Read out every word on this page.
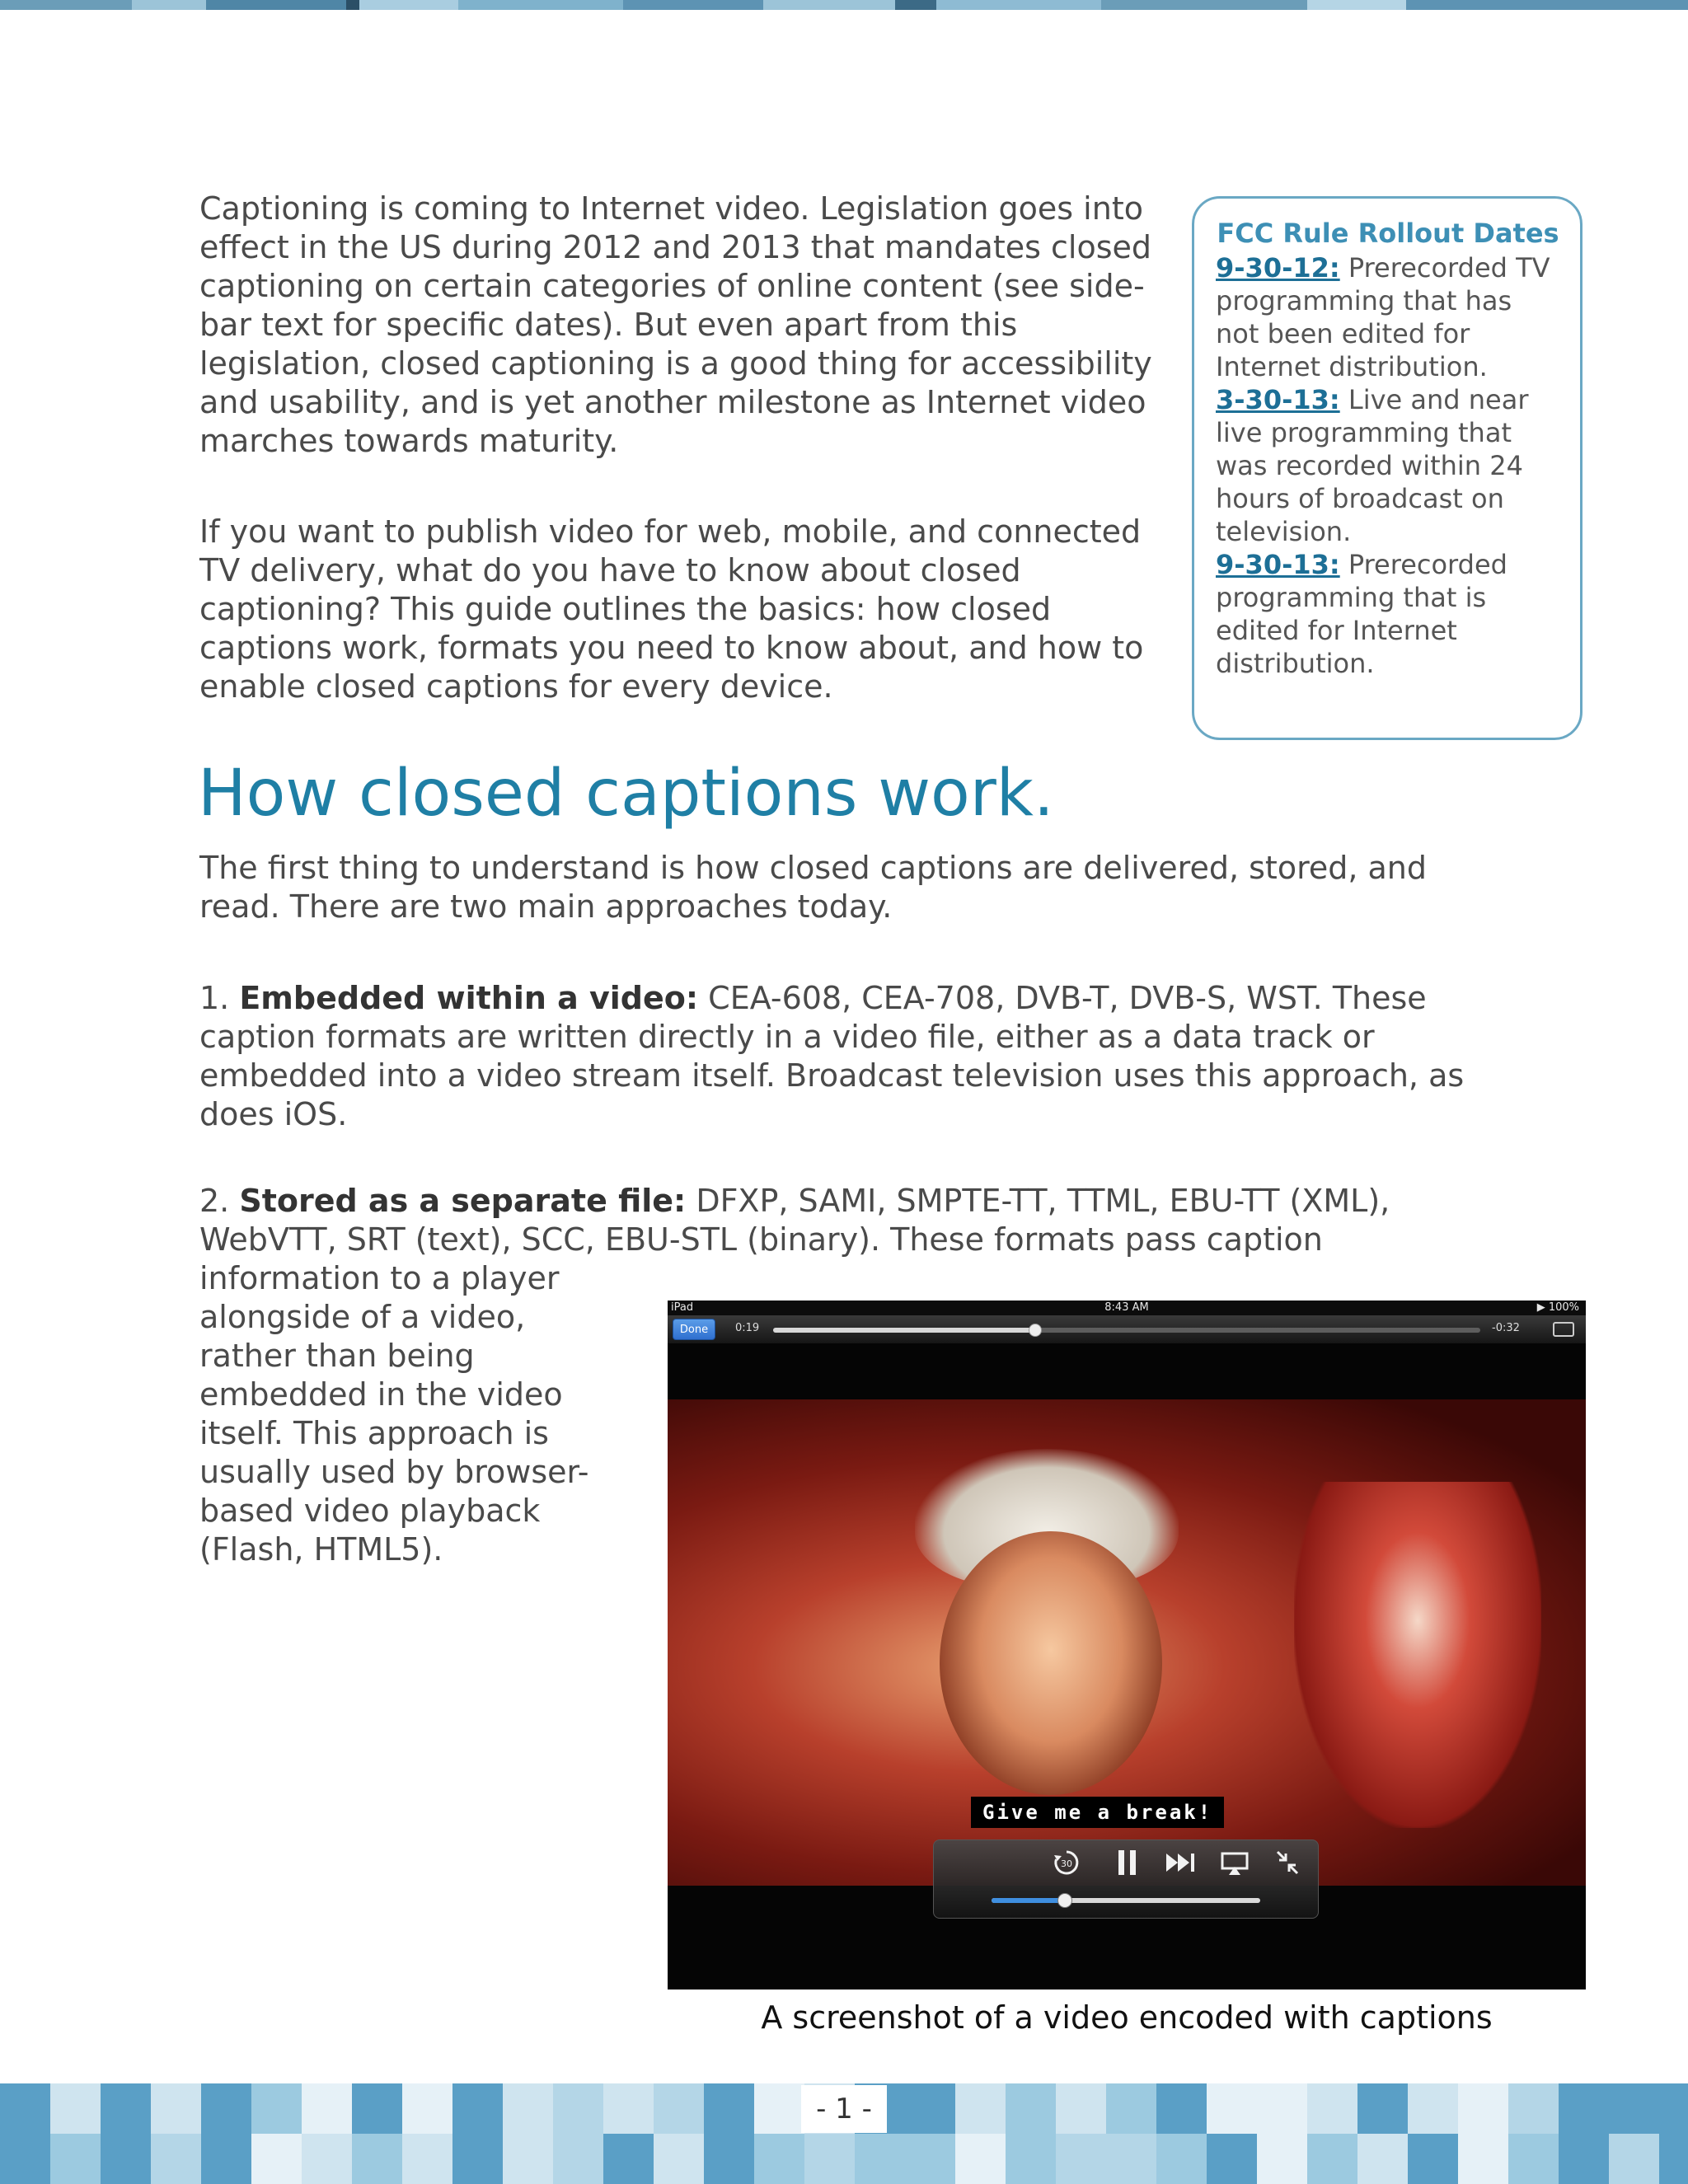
Captioning is coming to Internet video. Legislation goes into effect in the US during 2012 and 2013 that mandates closed captioning on certain categories of online content (see side-bar text for specific dates). But even apart from this legislation, closed captioning is a good thing for accessibility and usability, and is yet another milestone as Internet video marches towards maturity.

If you want to publish video for web, mobile, and connected TV delivery, what do you have to know about closed captioning? This guide outlines the basics: how closed captions work, formats you need to know about, and how to enable closed captions for every device.

FCC Rule Rollout Dates

9-30-12: Prerecorded TV programming that has not been edited for Internet distribution.

3-30-13: Live and near live programming that was recorded within 24 hours of broadcast on television.

9-30-13: Prerecorded programming that is edited for Internet distribution.

How closed captions work.

The first thing to understand is how closed captions are delivered, stored, and read. There are two main approaches today.

1. Embedded within a video: CEA-608, CEA-708, DVB-T, DVB-S, WST. These caption formats are written directly in a video file, either as a data track or embedded into a video stream itself. Broadcast television uses this approach, as does iOS.

2. Stored as a separate file: DFXP, SAMI, SMPTE-TT, TTML, EBU-TT (XML), WebVTT, SRT (text), SCC, EBU-STL (binary). These formats pass caption

information to a player alongside of a video, rather than being embedded in the video itself. This approach is usually used by browser-based video playback (Flash, HTML5).

iPad	8:43 AM	▶ 100%
Done	0:19	-0:32
Give me a break!
30

A screenshot of a video encoded with captions

- 1 -
